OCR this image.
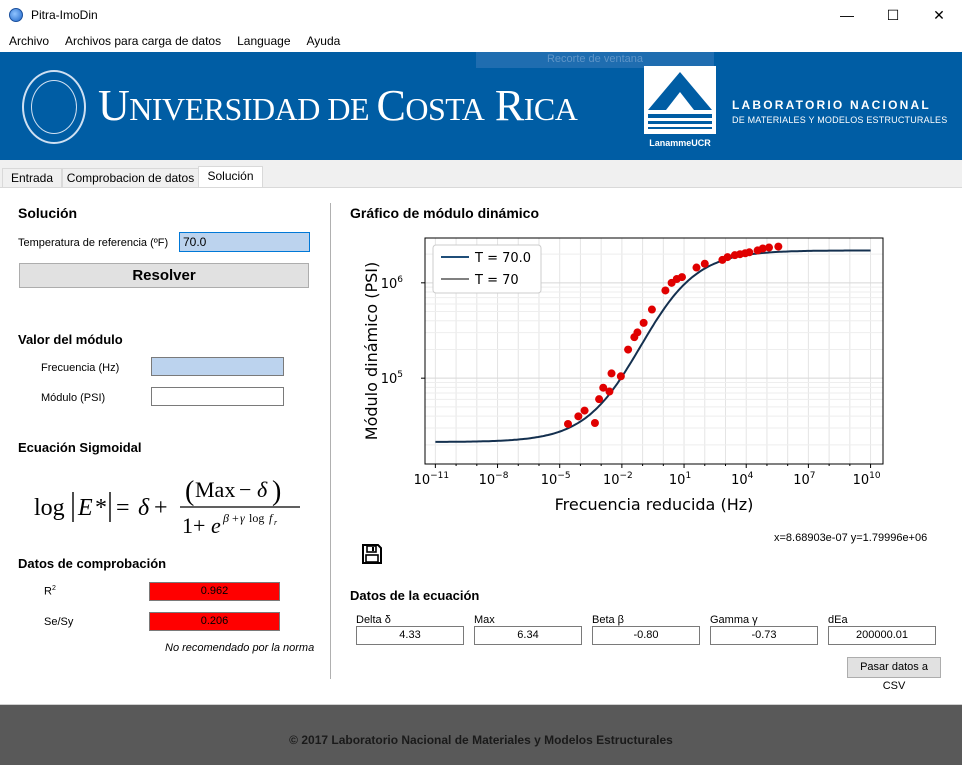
Pitra-ImoDin	—	☐	✕
Archivo	Archivos para carga de datos	Language	Ayuda
Recorte de ventana
UNIVERSIDAD DE COSTA RICA
LanammeUCR
LABORATORIO NACIONAL
DE MATERIALES Y MODELOS ESTRUCTURALES
Entrada	Comprobacion de datos	Solución
Solución
Temperatura de referencia (ºF)	70.0
Resolver
Valor del módulo
Frecuencia (Hz)
Módulo (PSI)
Ecuación Sigmoidal
log E * = δ +
( Max − δ )
1+ e β + γ log f r
Datos de comprobación
$R^2$	0.962
Se/Sy	0.206
No recomendado por la norma
Gráfico de módulo dinámico
$10^{-11}$ $10^{-8}$ $10^{-5}$ $10^{-2}$	$10^1$	$10^4$	$10^7$	$10^{10}$
$10^5$
$10^6$
Frecuencia reducida (Hz)
Módulo dinámico (PSI)
T = 70.0
T = 70
x=8.68903e-07 y=1.79996e+06
Datos de la ecuación
Delta δ
4.33
Max
6.34
Beta β
-0.80
Gamma γ
-0.73
dEa
200000.01
Pasar datos a CSV
© 2017 Laboratorio Nacional de Materiales y Modelos Estructurales
